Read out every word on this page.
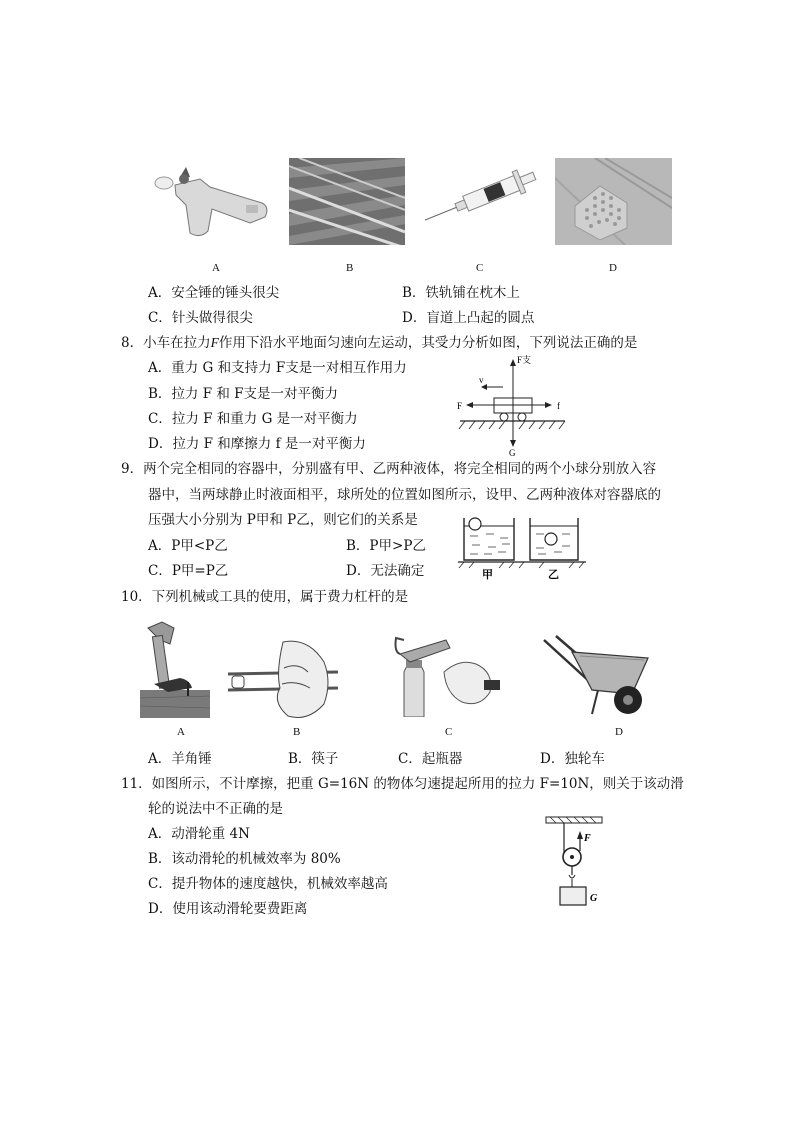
A	B	C	D
A．安全锤的锤头很尖	B．铁轨铺在枕木上
C．针头做得很尖	D．盲道上凸起的圆点
8．小车在拉力F作用下沿水平地面匀速向左运动，其受力分析如图，下列说法正确的是
A．重力 G 和支持力 F支是一对相互作用力
B．拉力 F 和 F支是一对平衡力
C．拉力 F 和重力 G 是一对平衡力
D．拉力 F 和摩擦力 f 是一对平衡力
F支
v
F	f
G
9．两个完全相同的容器中，分别盛有甲、乙两种液体，将完全相同的两个小球分别放入容
器中，当两球静止时液面相平，球所处的位置如图所示，设甲、乙两种液体对容器底的
压强大小分别为 P甲和 P乙，则它们的关系是
A．P甲<P乙	B．P甲>P乙
C．P甲=P乙	D．无法确定	甲	乙
10．下列机械或工具的使用，属于费力杠杆的是
A	B	C	D
A．羊角锤	B．筷子	C．起瓶器	D．独轮车
11．如图所示，不计摩擦，把重 G=16N 的物体匀速提起所用的拉力 F=10N，则关于该动滑
轮的说法中不正确的是
A．动滑轮重 4N
B．该动滑轮的机械效率为 80%
C．提升物体的速度越快，机械效率越高
D．使用该动滑轮要费距离
F
G
